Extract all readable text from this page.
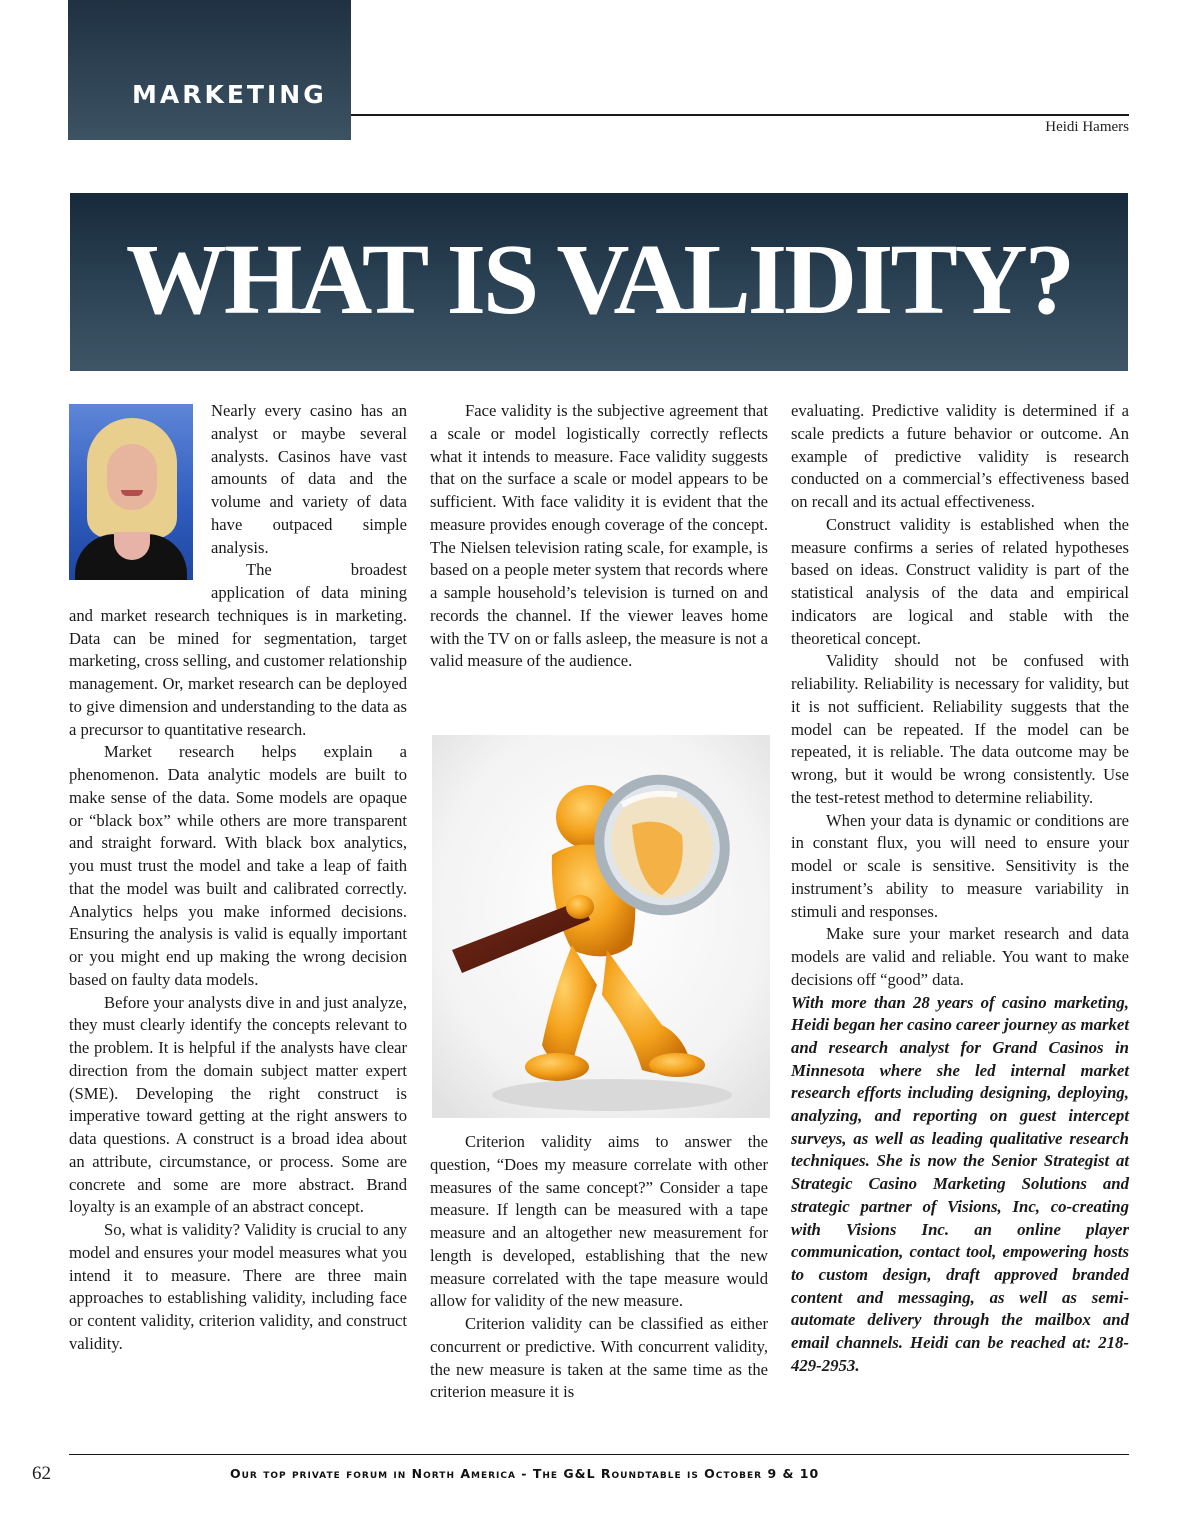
MARKETING
Heidi Hamers
WHAT IS VALIDITY?

Nearly every casino has an analyst or maybe several analysts. Casinos have vast amounts of data and the volume and variety of data have outpaced simple analysis.

The broadest application of data mining and market research techniques is in marketing. Data can be mined for segmentation, target marketing, cross selling, and customer relationship management. Or, market research can be deployed to give dimension and understanding to the data as a precursor to quantitative research.

Market research helps explain a phenomenon. Data analytic models are built to make sense of the data. Some models are opaque or “black box” while others are more transparent and straight forward. With black box analytics, you must trust the model and take a leap of faith that the model was built and calibrated correctly. Analytics helps you make informed decisions. Ensuring the analysis is valid is equally important or you might end up making the wrong decision based on faulty data models.

Before your analysts dive in and just analyze, they must clearly identify the concepts relevant to the problem. It is helpful if the analysts have clear direction from the domain subject matter expert (SME). Developing the right construct is imperative toward getting at the right answers to data questions. A construct is a broad idea about an attribute, circumstance, or process. Some are concrete and some are more abstract. Brand loyalty is an example of an abstract concept.

So, what is validity? Validity is crucial to any model and ensures your model measures what you intend it to measure. There are three main approaches to establishing validity, including face or content validity, criterion validity, and construct validity.

Face validity is the subjective agreement that a scale or model logistically correctly reflects what it intends to measure. Face validity suggests that on the surface a scale or model appears to be sufficient. With face validity it is evident that the measure provides enough coverage of the concept. The Nielsen television rating scale, for example, is based on a people meter system that records where a sample household’s television is turned on and records the channel. If the viewer leaves home with the TV on or falls asleep, the measure is not a valid measure of the audience.

Criterion validity aims to answer the question, “Does my measure correlate with other measures of the same concept?” Consider a tape measure. If length can be measured with a tape measure and an altogether new measurement for length is developed, establishing that the new measure correlated with the tape measure would allow for validity of the new measure.

Criterion validity can be classified as either concurrent or predictive. With concurrent validity, the new measure is taken at the same time as the criterion measure it is

evaluating. Predictive validity is determined if a scale predicts a future behavior or outcome. An example of predictive validity is research conducted on a commercial’s effectiveness based on recall and its actual effectiveness.

Construct validity is established when the measure confirms a series of related hypotheses based on ideas. Construct validity is part of the statistical analysis of the data and empirical indicators are logical and stable with the theoretical concept.

Validity should not be confused with reliability. Reliability is necessary for validity, but it is not sufficient. Reliability suggests that the model can be repeated. If the model can be repeated, it is reliable. The data outcome may be wrong, but it would be wrong consistently. Use the test-retest method to determine reliability.

When your data is dynamic or conditions are in constant flux, you will need to ensure your model or scale is sensitive. Sensitivity is the instrument’s ability to measure variability in stimuli and responses.

Make sure your market research and data models are valid and reliable. You want to make decisions off “good” data.

With more than 28 years of casino marketing, Heidi began her casino career journey as market and research analyst for Grand Casinos in Minnesota where she led internal market research efforts including designing, deploying, analyzing, and reporting on guest intercept surveys, as well as leading qualitative research techniques. She is now the Senior Strategist at Strategic Casino Marketing Solutions and strategic partner of Visions, Inc, co-creating with Visions Inc. an online player communication, contact tool, empowering hosts to custom design, draft approved branded content and messaging, as well as semi-automate delivery through the mailbox and email channels. Heidi can be reached at: 218-429-2953.

62	Our top private forum in North America - The G&L Roundtable is October 9 & 10
